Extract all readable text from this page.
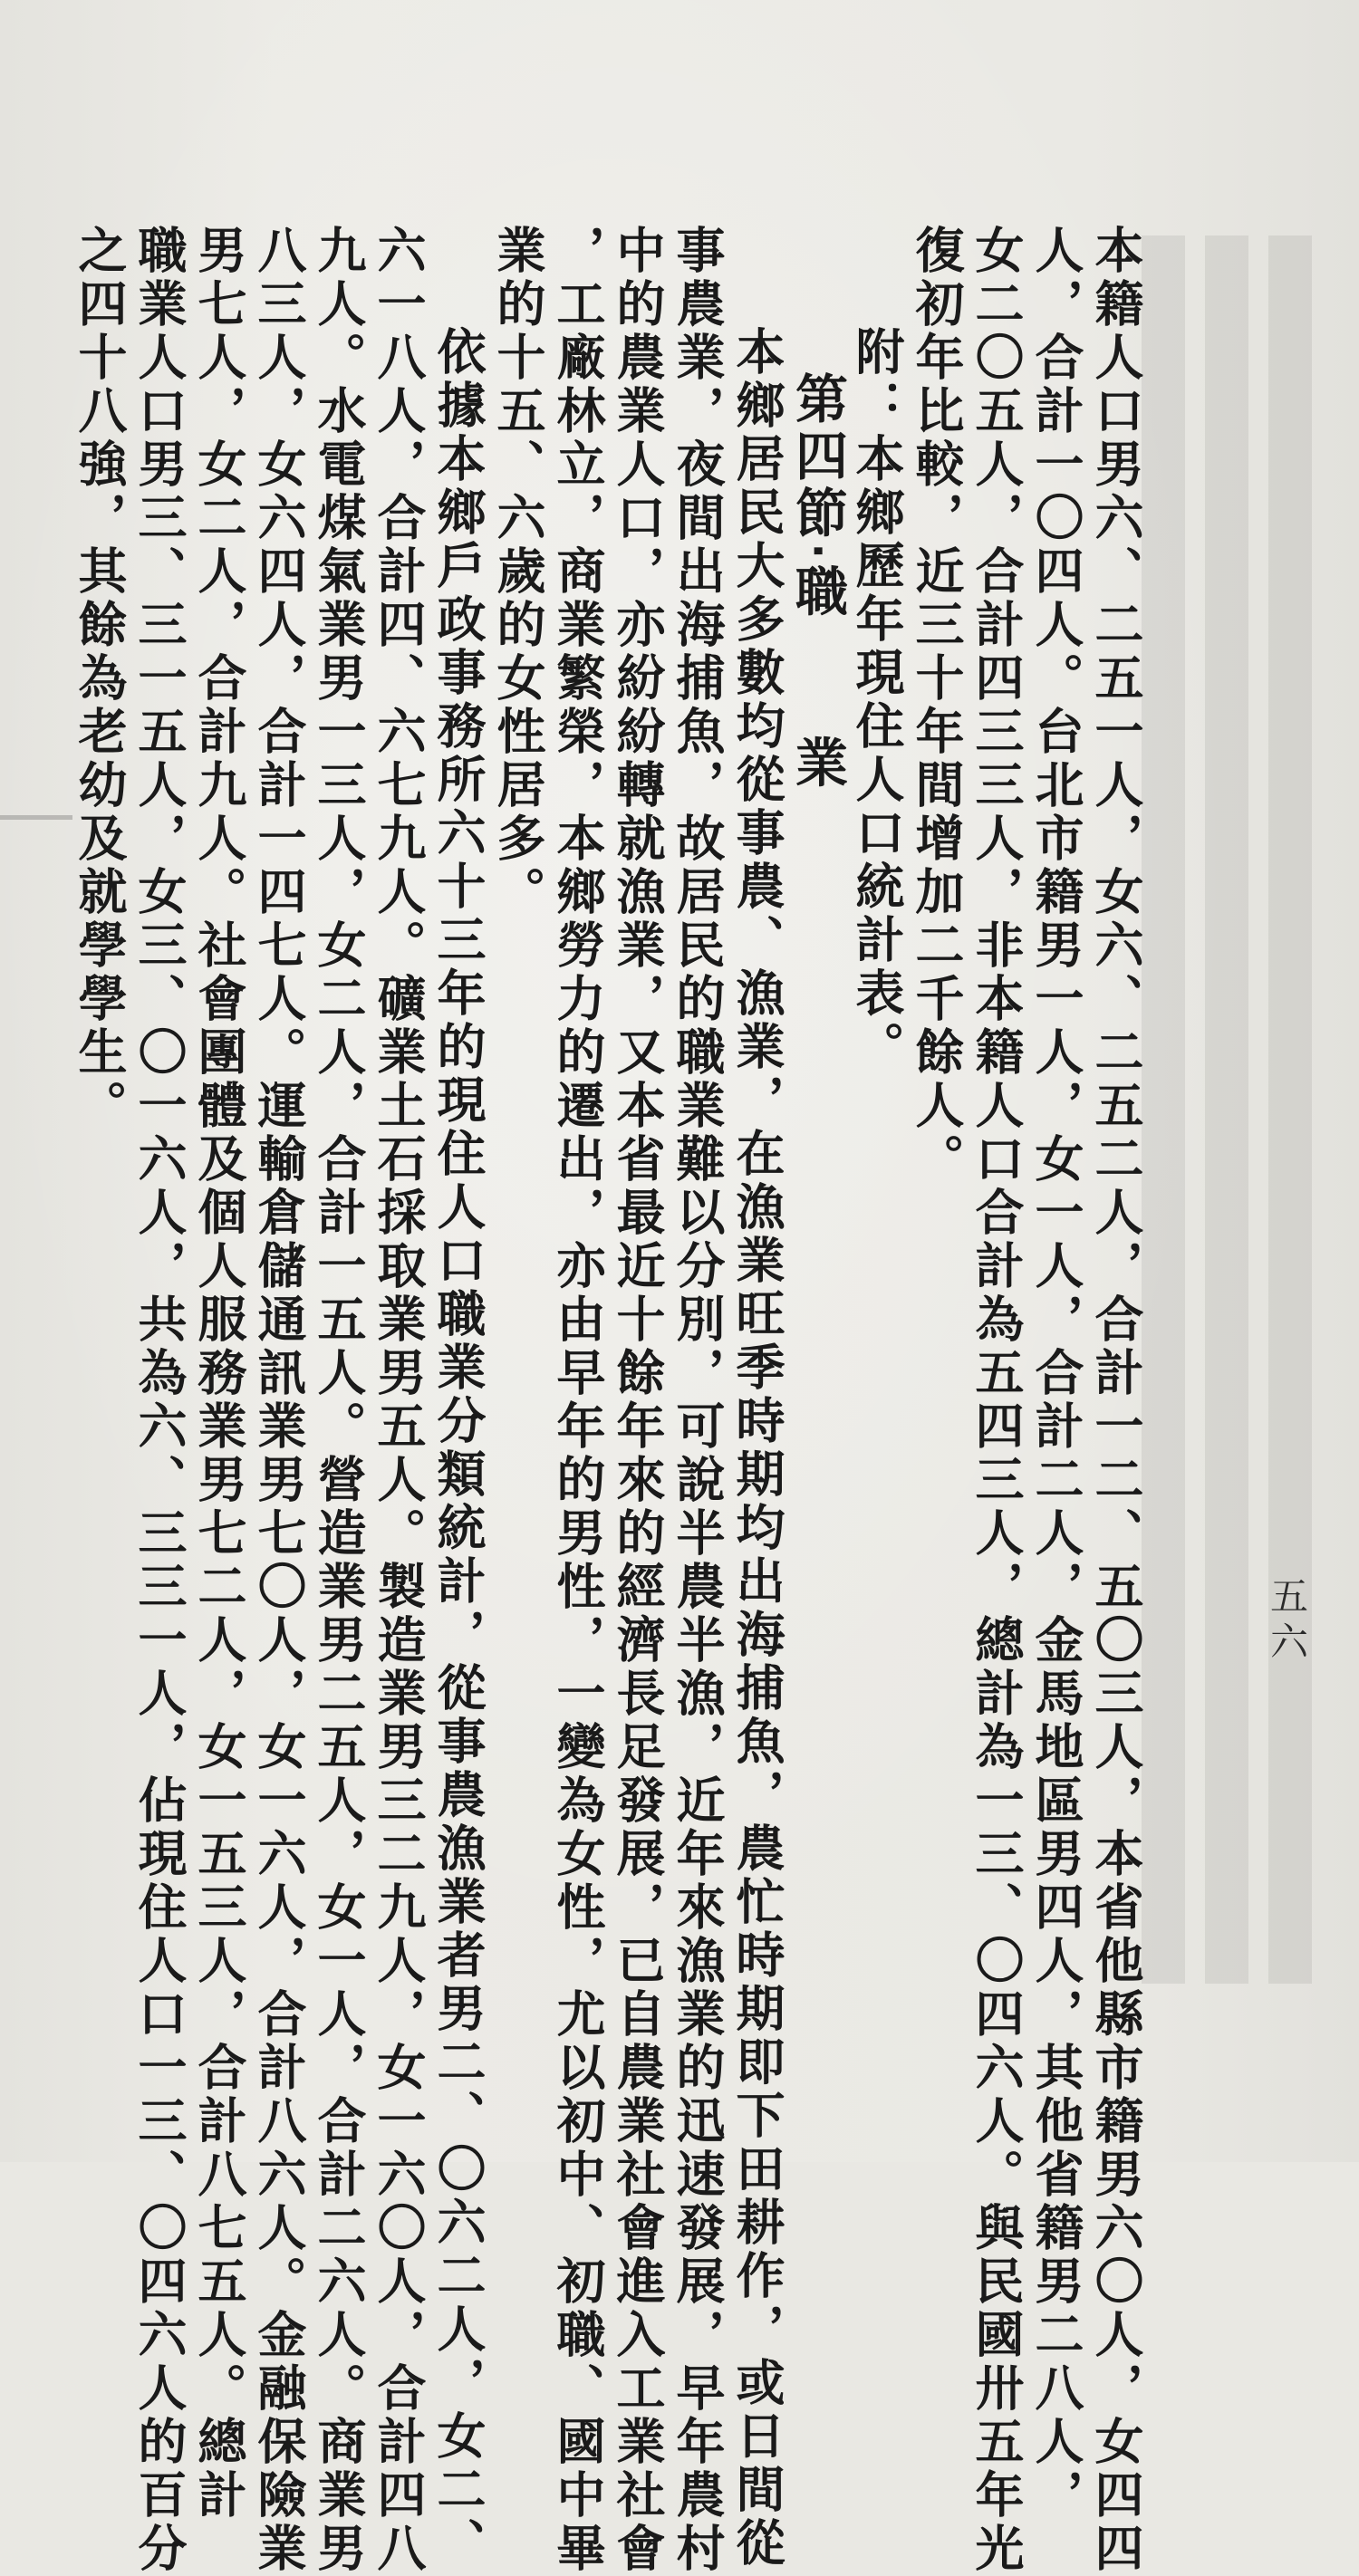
本籍人口男六、二五一人，女六、二五二人，合計一二、五〇三人，本省他縣市籍男六〇人，女四四
人，合計一〇四人。台北市籍男一人，女一人，合計二人，金馬地區男四人，其他省籍男二八人，
女二〇五人，合計四三三人，非本籍人口合計為五四三人，總計為一三、〇四六人。與民國卅五年光
復初年比較，近三十年間增加二千餘人。
附：本鄉歷年現住人口統計表。
第四節‧職　　業
本鄉居民大多數均從事農、漁業，在漁業旺季時期均出海捕魚，農忙時期即下田耕作，或日間從
事農業，夜間出海捕魚，故居民的職業難以分別，可說半農半漁，近年來漁業的迅速發展，早年農村
中的農業人口，亦紛紛轉就漁業，又本省最近十餘年來的經濟長足發展，已自農業社會進入工業社會
，工廠林立，商業繁榮，本鄉勞力的遷出，亦由早年的男性，一變為女性，尤以初中、初職、國中畢
業的十五、六歲的女性居多。
依據本鄉戶政事務所六十三年的現住人口職業分類統計，從事農漁業者男二、〇六二人，女二、
六一八人，合計四、六七九人。礦業土石採取業男五人。製造業男三二九人，女一六〇人，合計四八
九人。水電煤氣業男一三人，女二人，合計一五人。營造業男二五人，女一人，合計二六人。商業男
八三人，女六四人，合計一四七人。運輸倉儲通訊業男七〇人，女一六人，合計八六人。金融保險業
男七人，女二人，合計九人。社會團體及個人服務業男七二人，女一五三人，合計八七五人。總計
職業人口男三、三一五人，女三、〇一六人，共為六、三三一人，佔現住人口一三、〇四六人的百分
之四十八強，其餘為老幼及就學學生。
五六
